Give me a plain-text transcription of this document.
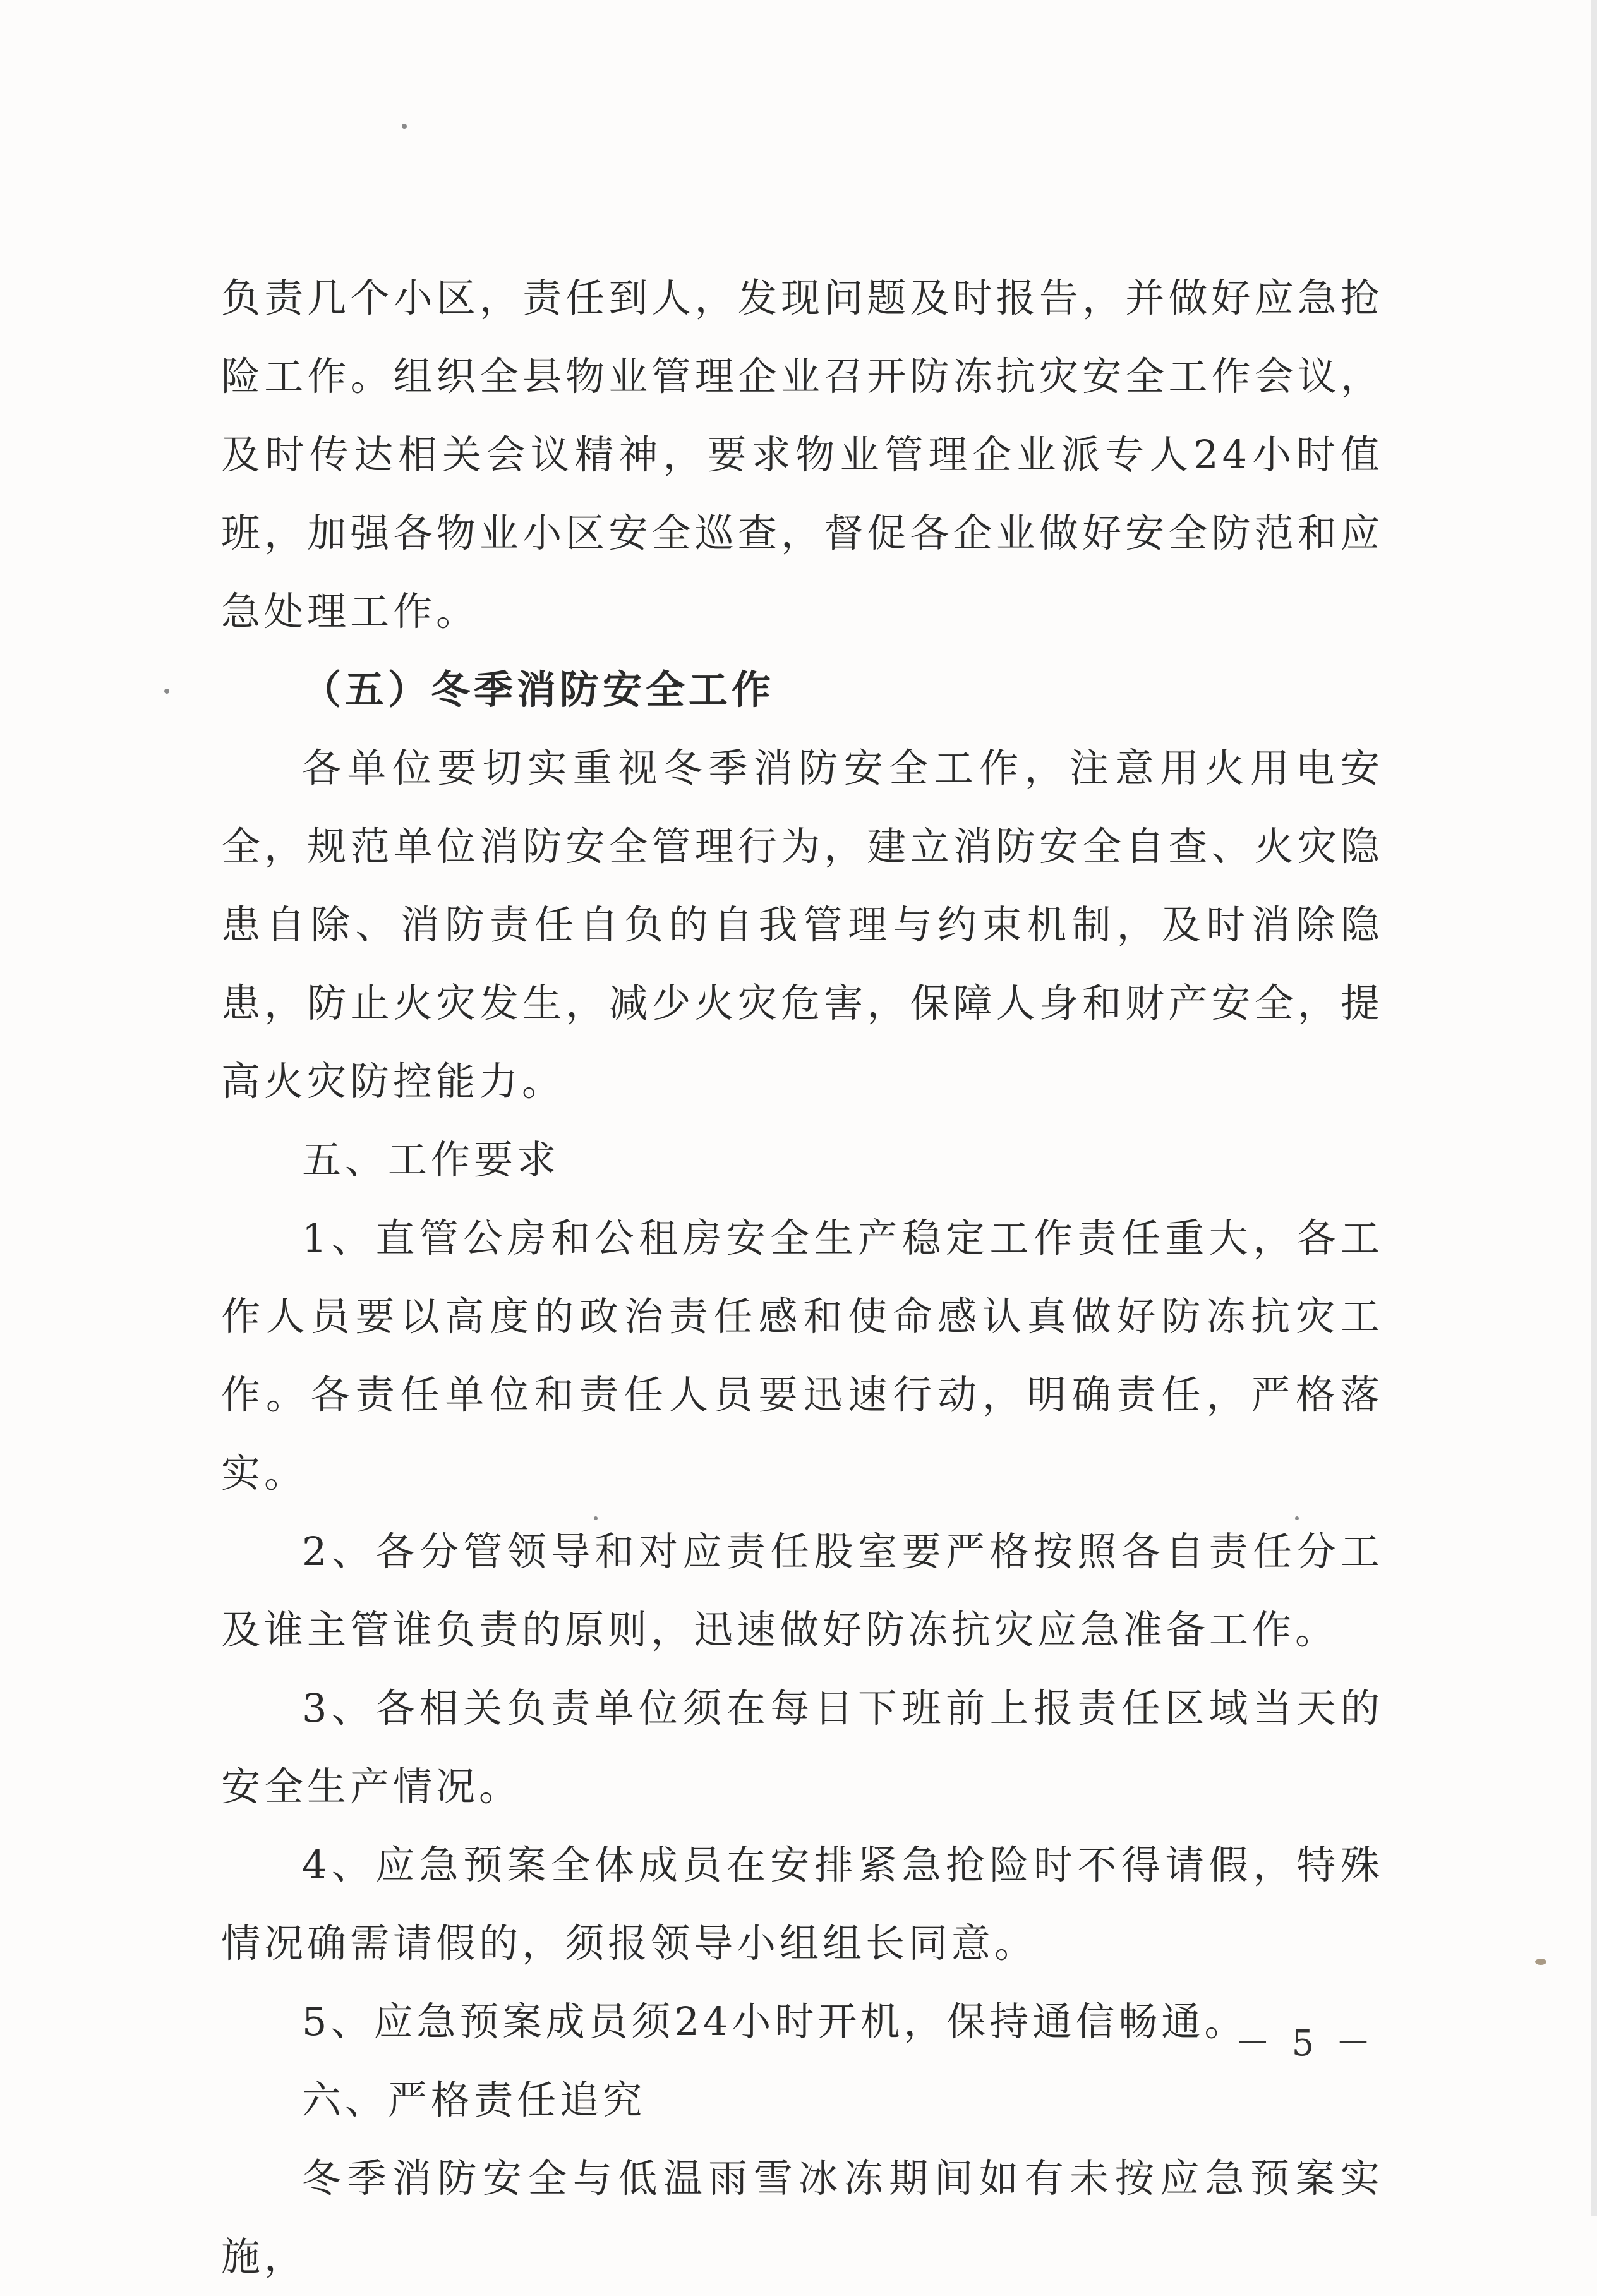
负责几个小区，责任到人，发现问题及时报告，并做好应急抢险工作。组织全县物业管理企业召开防冻抗灾安全工作会议，及时传达相关会议精神，要求物业管理企业派专人24小时值班，加强各物业小区安全巡查，督促各企业做好安全防范和应急处理工作。

（五）冬季消防安全工作

各单位要切实重视冬季消防安全工作，注意用火用电安全，规范单位消防安全管理行为，建立消防安全自查、火灾隐患自除、消防责任自负的自我管理与约束机制，及时消除隐患，防止火灾发生，减少火灾危害，保障人身和财产安全，提高火灾防控能力。

五、工作要求

1、直管公房和公租房安全生产稳定工作责任重大，各工作人员要以高度的政治责任感和使命感认真做好防冻抗灾工作。各责任单位和责任人员要迅速行动，明确责任，严格落实。

2、各分管领导和对应责任股室要严格按照各自责任分工及谁主管谁负责的原则，迅速做好防冻抗灾应急准备工作。

3、各相关负责单位须在每日下班前上报责任区域当天的安全生产情况。

4、应急预案全体成员在安排紧急抢险时不得请假，特殊情况确需请假的，须报领导小组组长同意。

5、应急预案成员须24小时开机，保持通信畅通。

六、严格责任追究

冬季消防安全与低温雨雪冰冻期间如有未按应急预案实施，

－ 5 －
